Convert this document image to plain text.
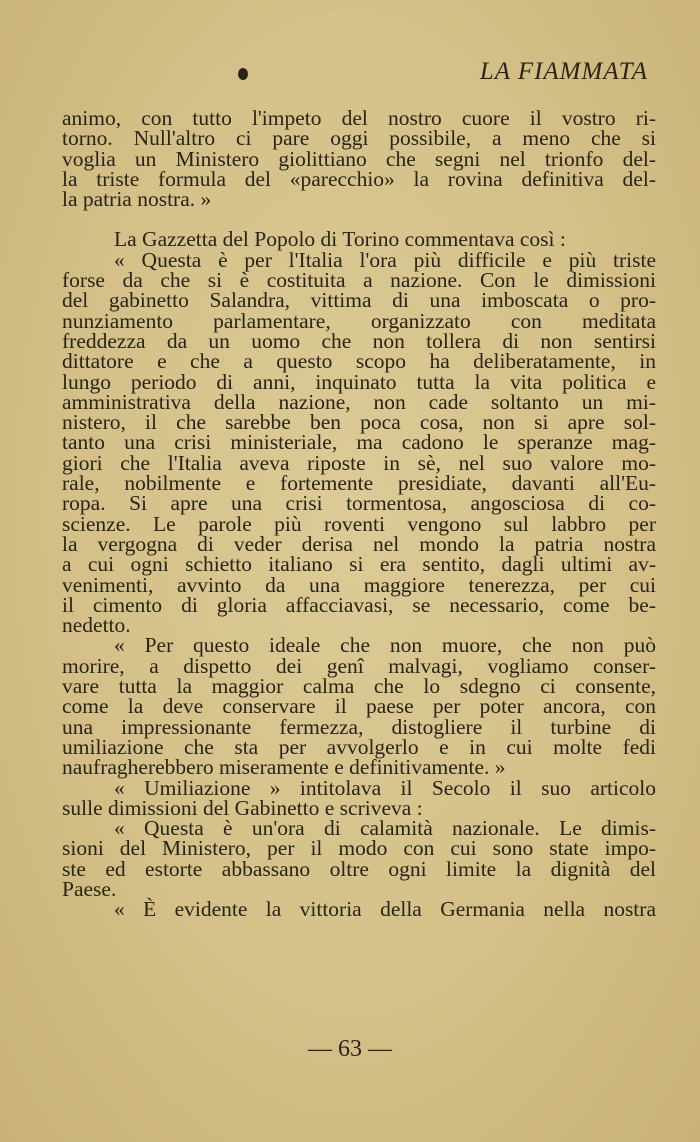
LA FIAMMATA
animo, con tutto l'impeto del nostro cuore il vostro ri-
torno. Null'altro ci pare oggi possibile, a meno che si
voglia un Ministero giolittiano che segni nel trionfo del-
la triste formula del «parecchio» la rovina definitiva del-
la patria nostra. »
La Gazzetta del Popolo di Torino commentava così :
« Questa è per l'Italia l'ora più difficile e più triste
forse da che si è costituita a nazione. Con le dimissioni
del gabinetto Salandra, vittima di una imboscata o pro-
nunziamento parlamentare, organizzato con meditata
freddezza da un uomo che non tollera di non sentirsi
dittatore e che a questo scopo ha deliberatamente, in
lungo periodo di anni, inquinato tutta la vita politica e
amministrativa della nazione, non cade soltanto un mi-
nistero, il che sarebbe ben poca cosa, non si apre sol-
tanto una crisi ministeriale, ma cadono le speranze mag-
giori che l'Italia aveva riposte in sè, nel suo valore mo-
rale, nobilmente e fortemente presidiate, davanti all'Eu-
ropa. Si apre una crisi tormentosa, angosciosa di co-
scienze. Le parole più roventi vengono sul labbro per
la vergogna di veder derisa nel mondo la patria nostra
a cui ogni schietto italiano si era sentito, dagli ultimi av-
venimenti, avvinto da una maggiore tenerezza, per cui
il cimento di gloria affacciavasi, se necessario, come be-
nedetto.
« Per questo ideale che non muore, che non può
morire, a dispetto dei genî malvagi, vogliamo conser-
vare tutta la maggior calma che lo sdegno ci consente,
come la deve conservare il paese per poter ancora, con
una impressionante fermezza, distogliere il turbine di
umiliazione che sta per avvolgerlo e in cui molte fedi
naufragherebbero miseramente e definitivamente. »
« Umiliazione » intitolava il Secolo il suo articolo
sulle dimissioni del Gabinetto e scriveva :
« Questa è un'ora di calamità nazionale. Le dimis-
sioni del Ministero, per il modo con cui sono state impo-
ste ed estorte abbassano oltre ogni limite la dignità del
Paese.
« È evidente la vittoria della Germania nella nostra
— 63 —
